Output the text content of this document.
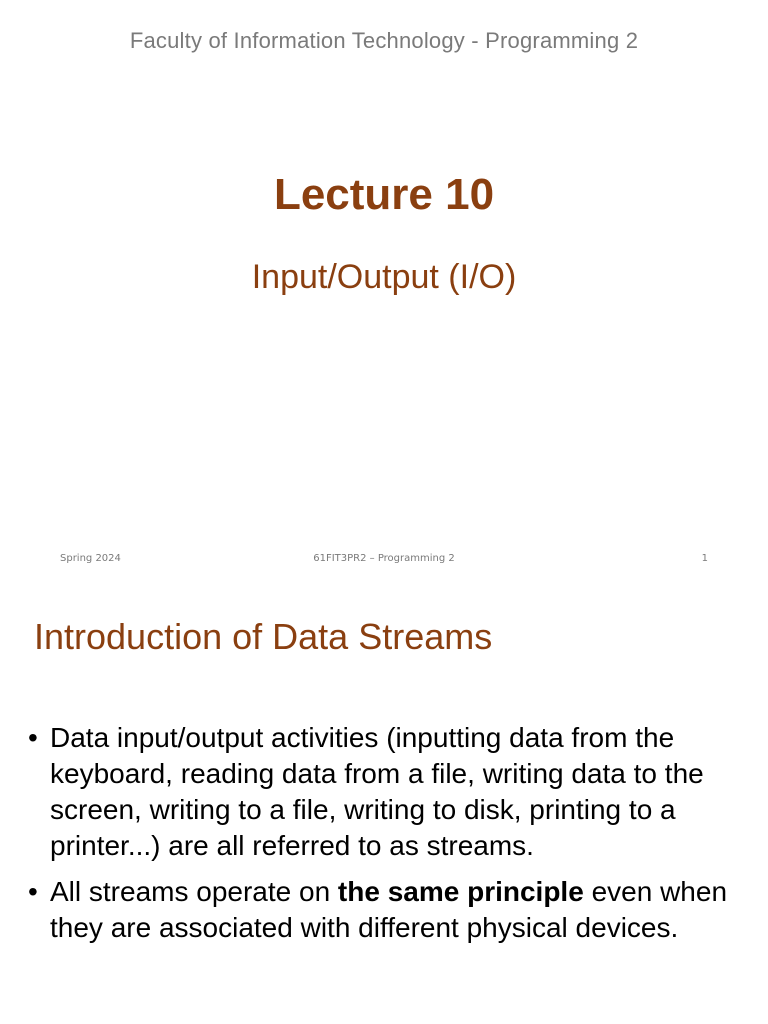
Faculty of Information Technology - Programming 2
Lecture 10
Input/Output (I/O)
Spring 2024	61FIT3PR2 – Programming 2	1
Introduction of Data Streams
• Data input/output activities (inputting data from the keyboard, reading data from a file, writing data to the screen, writing to a file, writing to disk, printing to a printer...) are all referred to as streams.
• All streams operate on the same principle even when they are associated with different physical devices.
